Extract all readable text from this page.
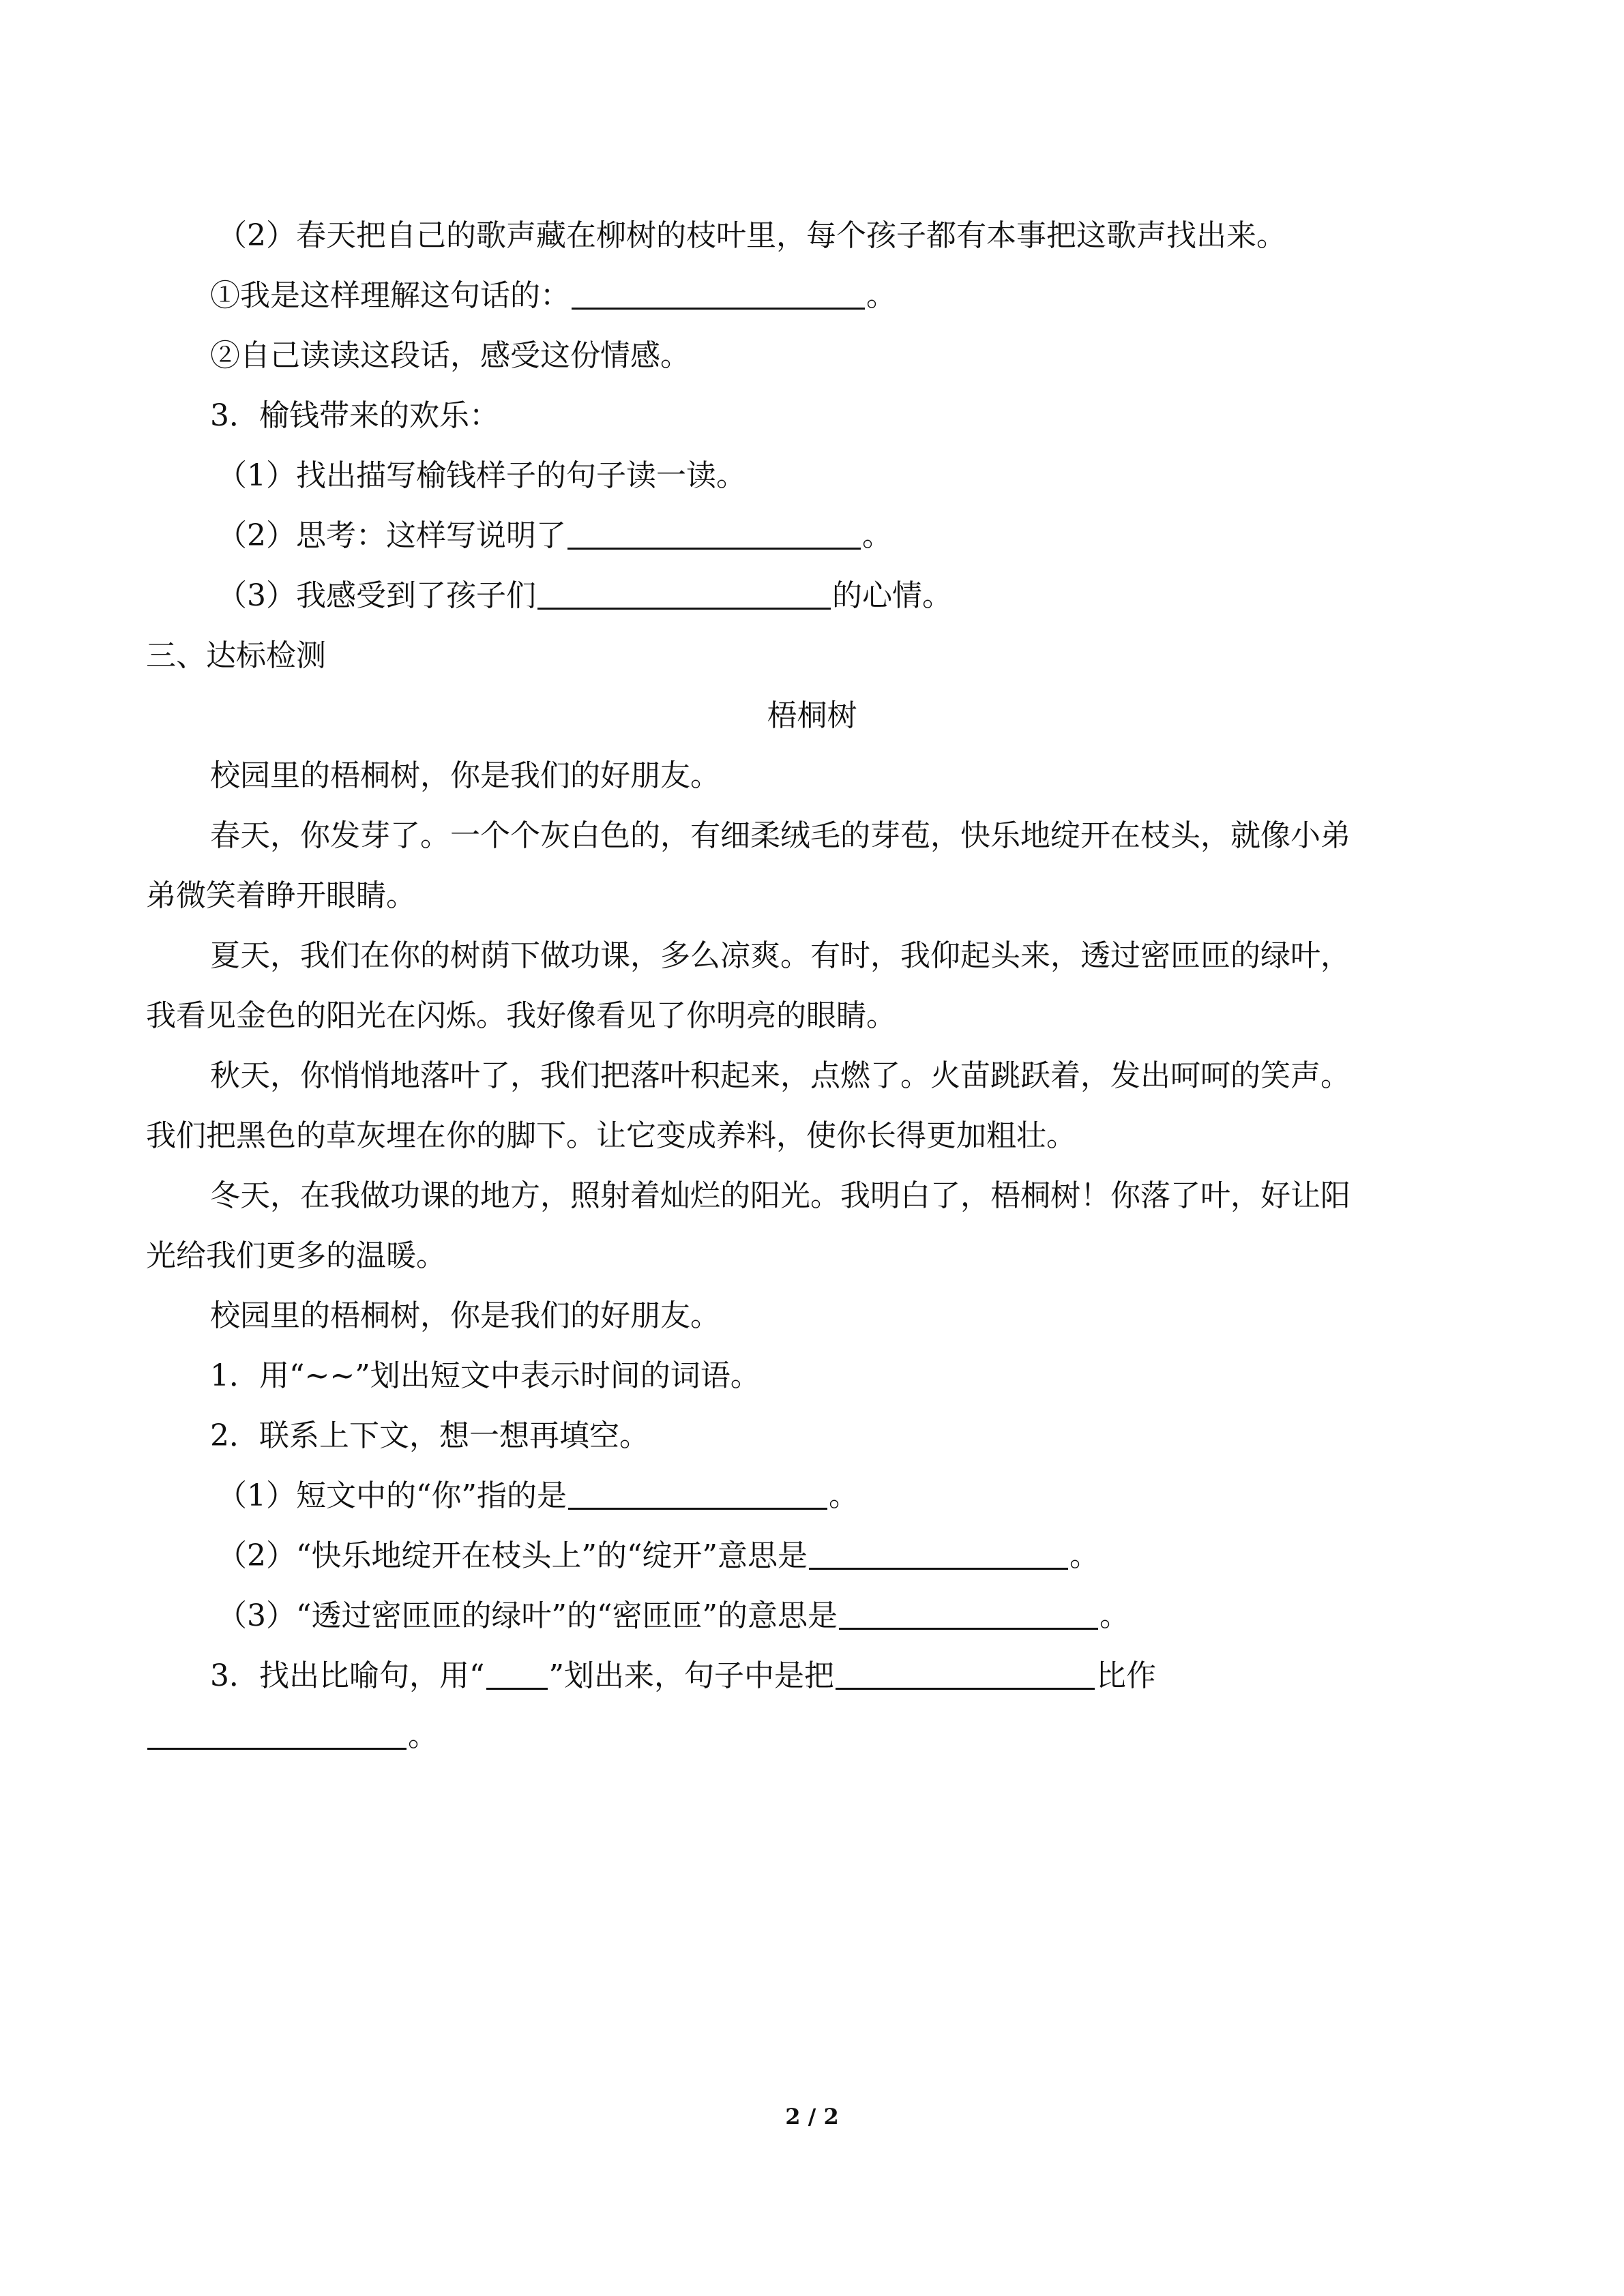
（2）春天把自己的歌声藏在柳树的枝叶里，每个孩子都有本事把这歌声找出来。
①我是这样理解这句话的：	。
②自己读读这段话，感受这份情感。
3．榆钱带来的欢乐：
（1）找出描写榆钱样子的句子读一读。
（2）思考：这样写说明了	。
（3）我感受到了孩子们	的心情。
三、达标检测
梧桐树
校园里的梧桐树，你是我们的好朋友。
春天，你发芽了。一个个灰白色的，有细柔绒毛的芽苞，快乐地绽开在枝头，就像小弟
弟微笑着睁开眼睛。
夏天，我们在你的树荫下做功课，多么凉爽。有时，我仰起头来，透过密匝匝的绿叶，
我看见金色的阳光在闪烁。我好像看见了你明亮的眼睛。
秋天，你悄悄地落叶了，我们把落叶积起来，点燃了。火苗跳跃着，发出呵呵的笑声。
我们把黑色的草灰埋在你的脚下。让它变成养料，使你长得更加粗壮。
冬天，在我做功课的地方，照射着灿烂的阳光。我明白了，梧桐树！你落了叶，好让阳
光给我们更多的温暖。
校园里的梧桐树，你是我们的好朋友。
1．用“~~”划出短文中表示时间的词语。
2．联系上下文，想一想再填空。
（1）短文中的“你”指的是	。
（2）“快乐地绽开在枝头上”的“绽开”意思是	。
（3）“透过密匝匝的绿叶”的“密匝匝”的意思是	。
3．找出比喻句，用“ ”划出来，句子中是把	比作
。
2 / 2
